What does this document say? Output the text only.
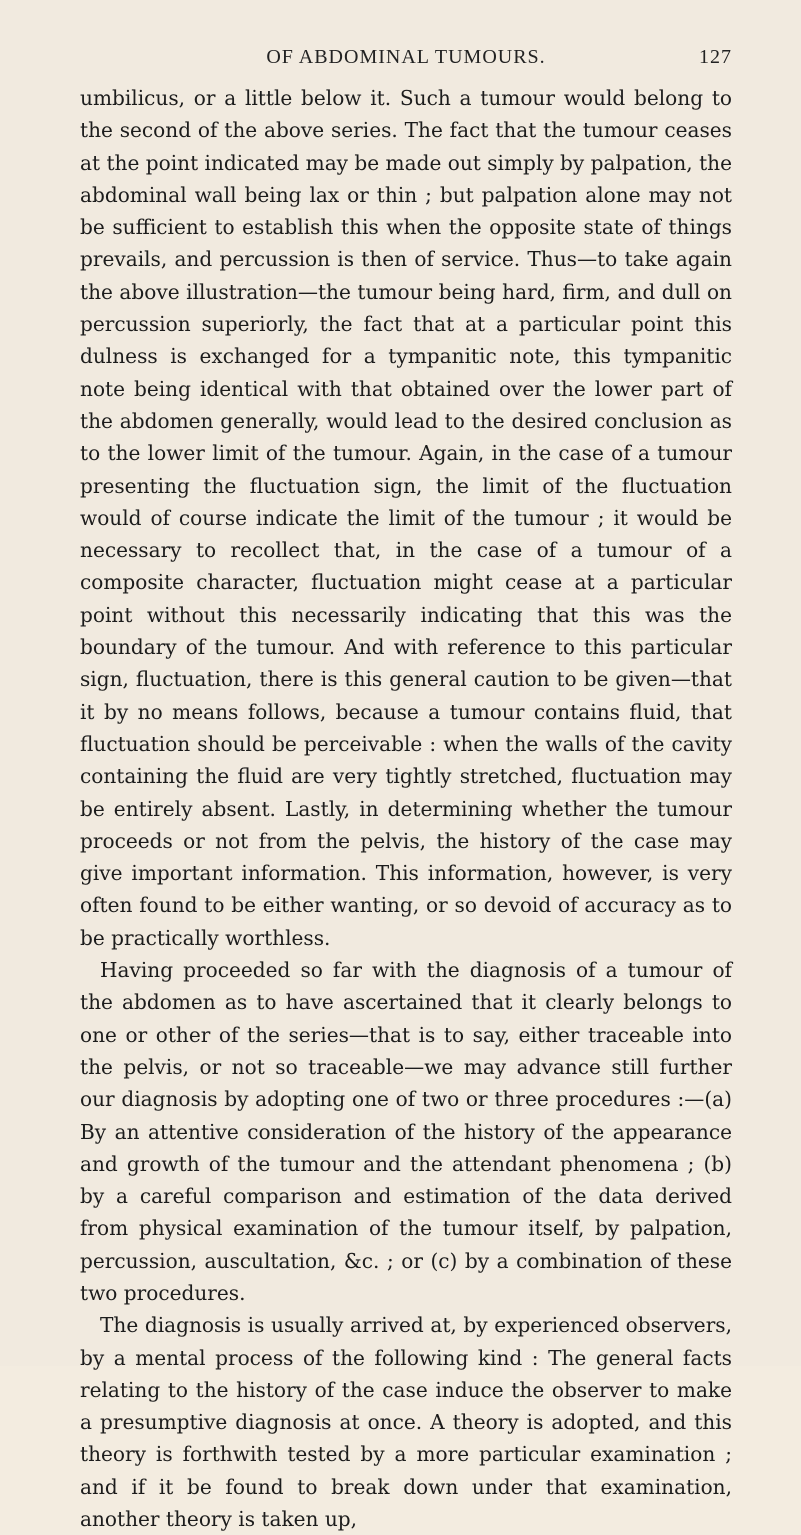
OF ABDOMINAL TUMOURS.	127

umbilicus, or a little below it. Such a tumour would belong to the second of the above series. The fact that the tumour ceases at the point indicated may be made out simply by palpation, the abdominal wall being lax or thin ; but palpation alone may not be sufficient to establish this when the opposite state of things prevails, and percussion is then of service. Thus—to take again the above illustration—the tumour being hard, firm, and dull on percussion superiorly, the fact that at a particular point this dulness is exchanged for a tympanitic note, this tympanitic note being identical with that obtained over the lower part of the abdomen generally, would lead to the desired conclusion as to the lower limit of the tumour. Again, in the case of a tumour presenting the fluctuation sign, the limit of the fluctuation would of course indicate the limit of the tumour ; it would be necessary to recollect that, in the case of a tumour of a composite character, fluctuation might cease at a particular point without this necessarily indicating that this was the boundary of the tumour. And with reference to this particular sign, fluctuation, there is this general caution to be given—that it by no means follows, because a tumour contains fluid, that fluctuation should be perceivable : when the walls of the cavity containing the fluid are very tightly stretched, fluctuation may be entirely absent. Lastly, in determining whether the tumour proceeds or not from the pelvis, the history of the case may give important information. This information, however, is very often found to be either wanting, or so devoid of accuracy as to be practically worthless.

Having proceeded so far with the diagnosis of a tumour of the abdomen as to have ascertained that it clearly belongs to one or other of the series—that is to say, either traceable into the pelvis, or not so traceable—we may advance still further our diagnosis by adopting one of two or three procedures :—(a) By an attentive consideration of the history of the appearance and growth of the tumour and the attendant phenomena ; (b) by a careful comparison and estimation of the data derived from physical examination of the tumour itself, by palpation, percussion, auscultation, &c. ; or (c) by a combination of these two procedures.

The diagnosis is usually arrived at, by experienced observers, by a mental process of the following kind : The general facts relating to the history of the case induce the observer to make a presumptive diagnosis at once. A theory is adopted, and this theory is forthwith tested by a more particular examination ; and if it be found to break down under that examination, another theory is taken up,
